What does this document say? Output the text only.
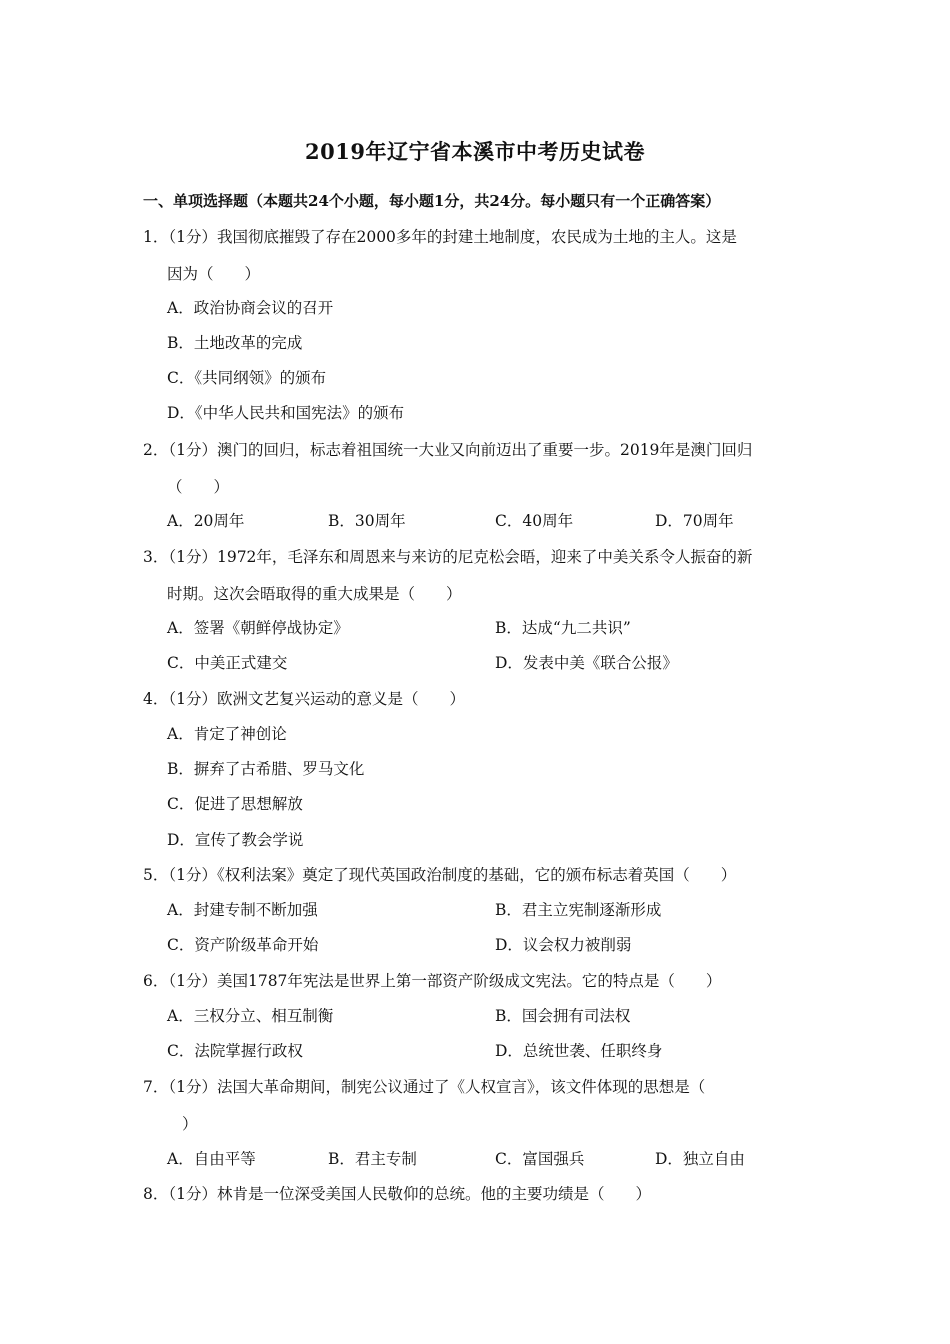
2019年辽宁省本溪市中考历史试卷
一、单项选择题（本题共24个小题，每小题1分，共24分。每小题只有一个正确答案）
1．（1分）我国彻底摧毁了存在2000多年的封建土地制度，农民成为土地的主人。这是
因为（　　）
A．政治协商会议的召开
B．土地改革的完成
C．《共同纲领》的颁布
D．《中华人民共和国宪法》的颁布
2．（1分）澳门的回归，标志着祖国统一大业又向前迈出了重要一步。2019年是澳门回归
（　　）
A．20周年	B．30周年	C．40周年	D．70周年
3．（1分）1972年，毛泽东和周恩来与来访的尼克松会晤，迎来了中美关系令人振奋的新
时期。这次会晤取得的重大成果是（　　）
A．签署《朝鲜停战协定》	B．达成“九二共识”
C．中美正式建交	D．发表中美《联合公报》
4．（1分）欧洲文艺复兴运动的意义是（　　）
A．肯定了神创论
B．摒弃了古希腊、罗马文化
C．促进了思想解放
D．宣传了教会学说
5．（1分）《权利法案》奠定了现代英国政治制度的基础，它的颁布标志着英国（　　）
A．封建专制不断加强	B．君主立宪制逐渐形成
C．资产阶级革命开始	D．议会权力被削弱
6．（1分）美国1787年宪法是世界上第一部资产阶级成文宪法。它的特点是（　　）
A．三权分立、相互制衡	B．国会拥有司法权
C．法院掌握行政权	D．总统世袭、任职终身
7．（1分）法国大革命期间，制宪公议通过了《人权宣言》，该文件体现的思想是（
）
A．自由平等	B．君主专制	C．富国强兵	D．独立自由
8．（1分）林肯是一位深受美国人民敬仰的总统。他的主要功绩是（　　）
